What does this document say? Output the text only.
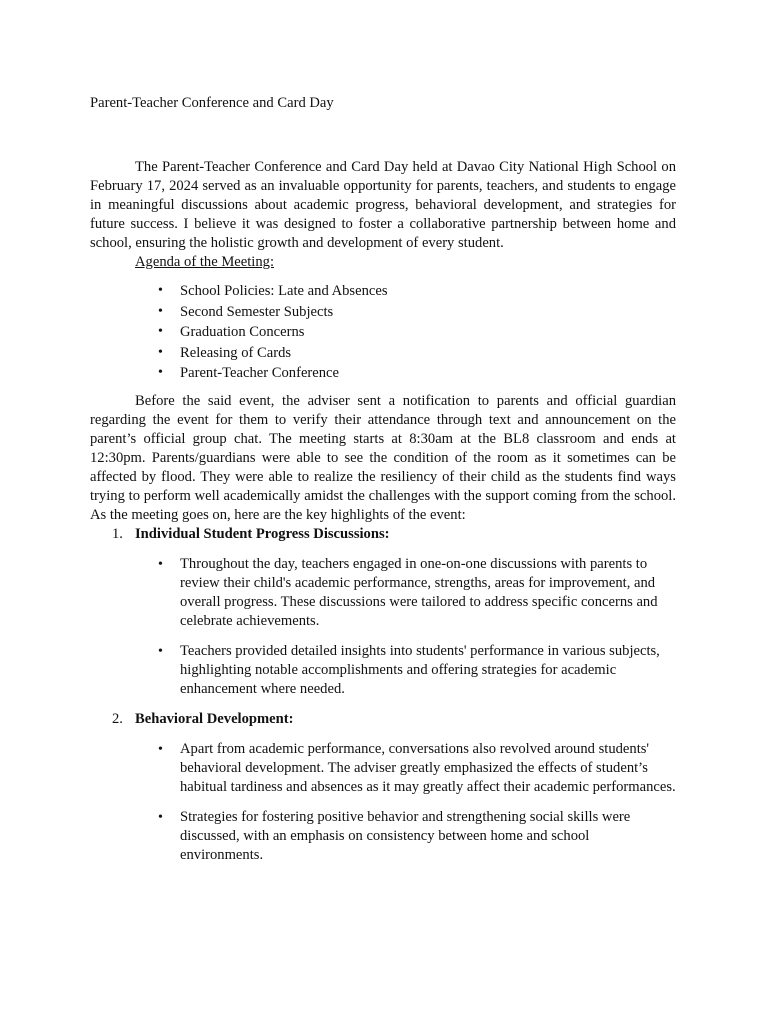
Parent-Teacher Conference and Card Day

The Parent-Teacher Conference and Card Day held at Davao City National High School on February 17, 2024 served as an invaluable opportunity for parents, teachers, and students to engage in meaningful discussions about academic progress, behavioral development, and strategies for future success. I believe it was designed to foster a collaborative partnership between home and school, ensuring the holistic growth and development of every student.

Agenda of the Meeting:
• School Policies: Late and Absences
• Second Semester Subjects
• Graduation Concerns
• Releasing of Cards
• Parent-Teacher Conference

Before the said event, the adviser sent a notification to parents and official guardian regarding the event for them to verify their attendance through text and announcement on the parent’s official group chat. The meeting starts at 8:30am at the BL8 classroom and ends at 12:30pm. Parents/guardians were able to see the condition of the room as it sometimes can be affected by flood. They were able to realize the resiliency of their child as the students find ways trying to perform well academically amidst the challenges with the support coming from the school. As the meeting goes on, here are the key highlights of the event:

1. Individual Student Progress Discussions:
• Throughout the day, teachers engaged in one-on-one discussions with parents to review their child's academic performance, strengths, areas for improvement, and overall progress. These discussions were tailored to address specific concerns and celebrate achievements.
• Teachers provided detailed insights into students' performance in various subjects, highlighting notable accomplishments and offering strategies for academic enhancement where needed.
2. Behavioral Development:
• Apart from academic performance, conversations also revolved around students' behavioral development. The adviser greatly emphasized the effects of student’s habitual tardiness and absences as it may greatly affect their academic performances.
• Strategies for fostering positive behavior and strengthening social skills were discussed, with an emphasis on consistency between home and school environments.
